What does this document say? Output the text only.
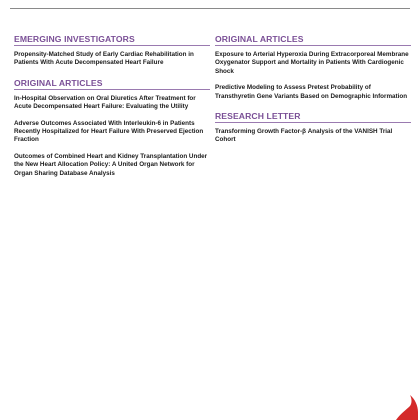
EMERGING INVESTIGATORS
Propensity-Matched Study of Early Cardiac Rehabilitation in Patients With Acute Decompensated Heart Failure
ORIGINAL ARTICLES
In-Hospital Observation on Oral Diuretics After Treatment for Acute Decompensated Heart Failure: Evaluating the Utility
Adverse Outcomes Associated With Interleukin-6 in Patients Recently Hospitalized for Heart Failure With Preserved Ejection Fraction
Outcomes of Combined Heart and Kidney Transplantation Under the New Heart Allocation Policy: A United Organ Network for Organ Sharing Database Analysis
ORIGINAL ARTICLES
Exposure to Arterial Hyperoxia During Extracorporeal Membrane Oxygenator Support and Mortality in Patients With Cardiogenic Shock
Predictive Modeling to Assess Pretest Probability of Transthyretin Gene Variants Based on Demographic Information
RESEARCH LETTER
Transforming Growth Factor-β Analysis of the VANISH Trial Cohort
